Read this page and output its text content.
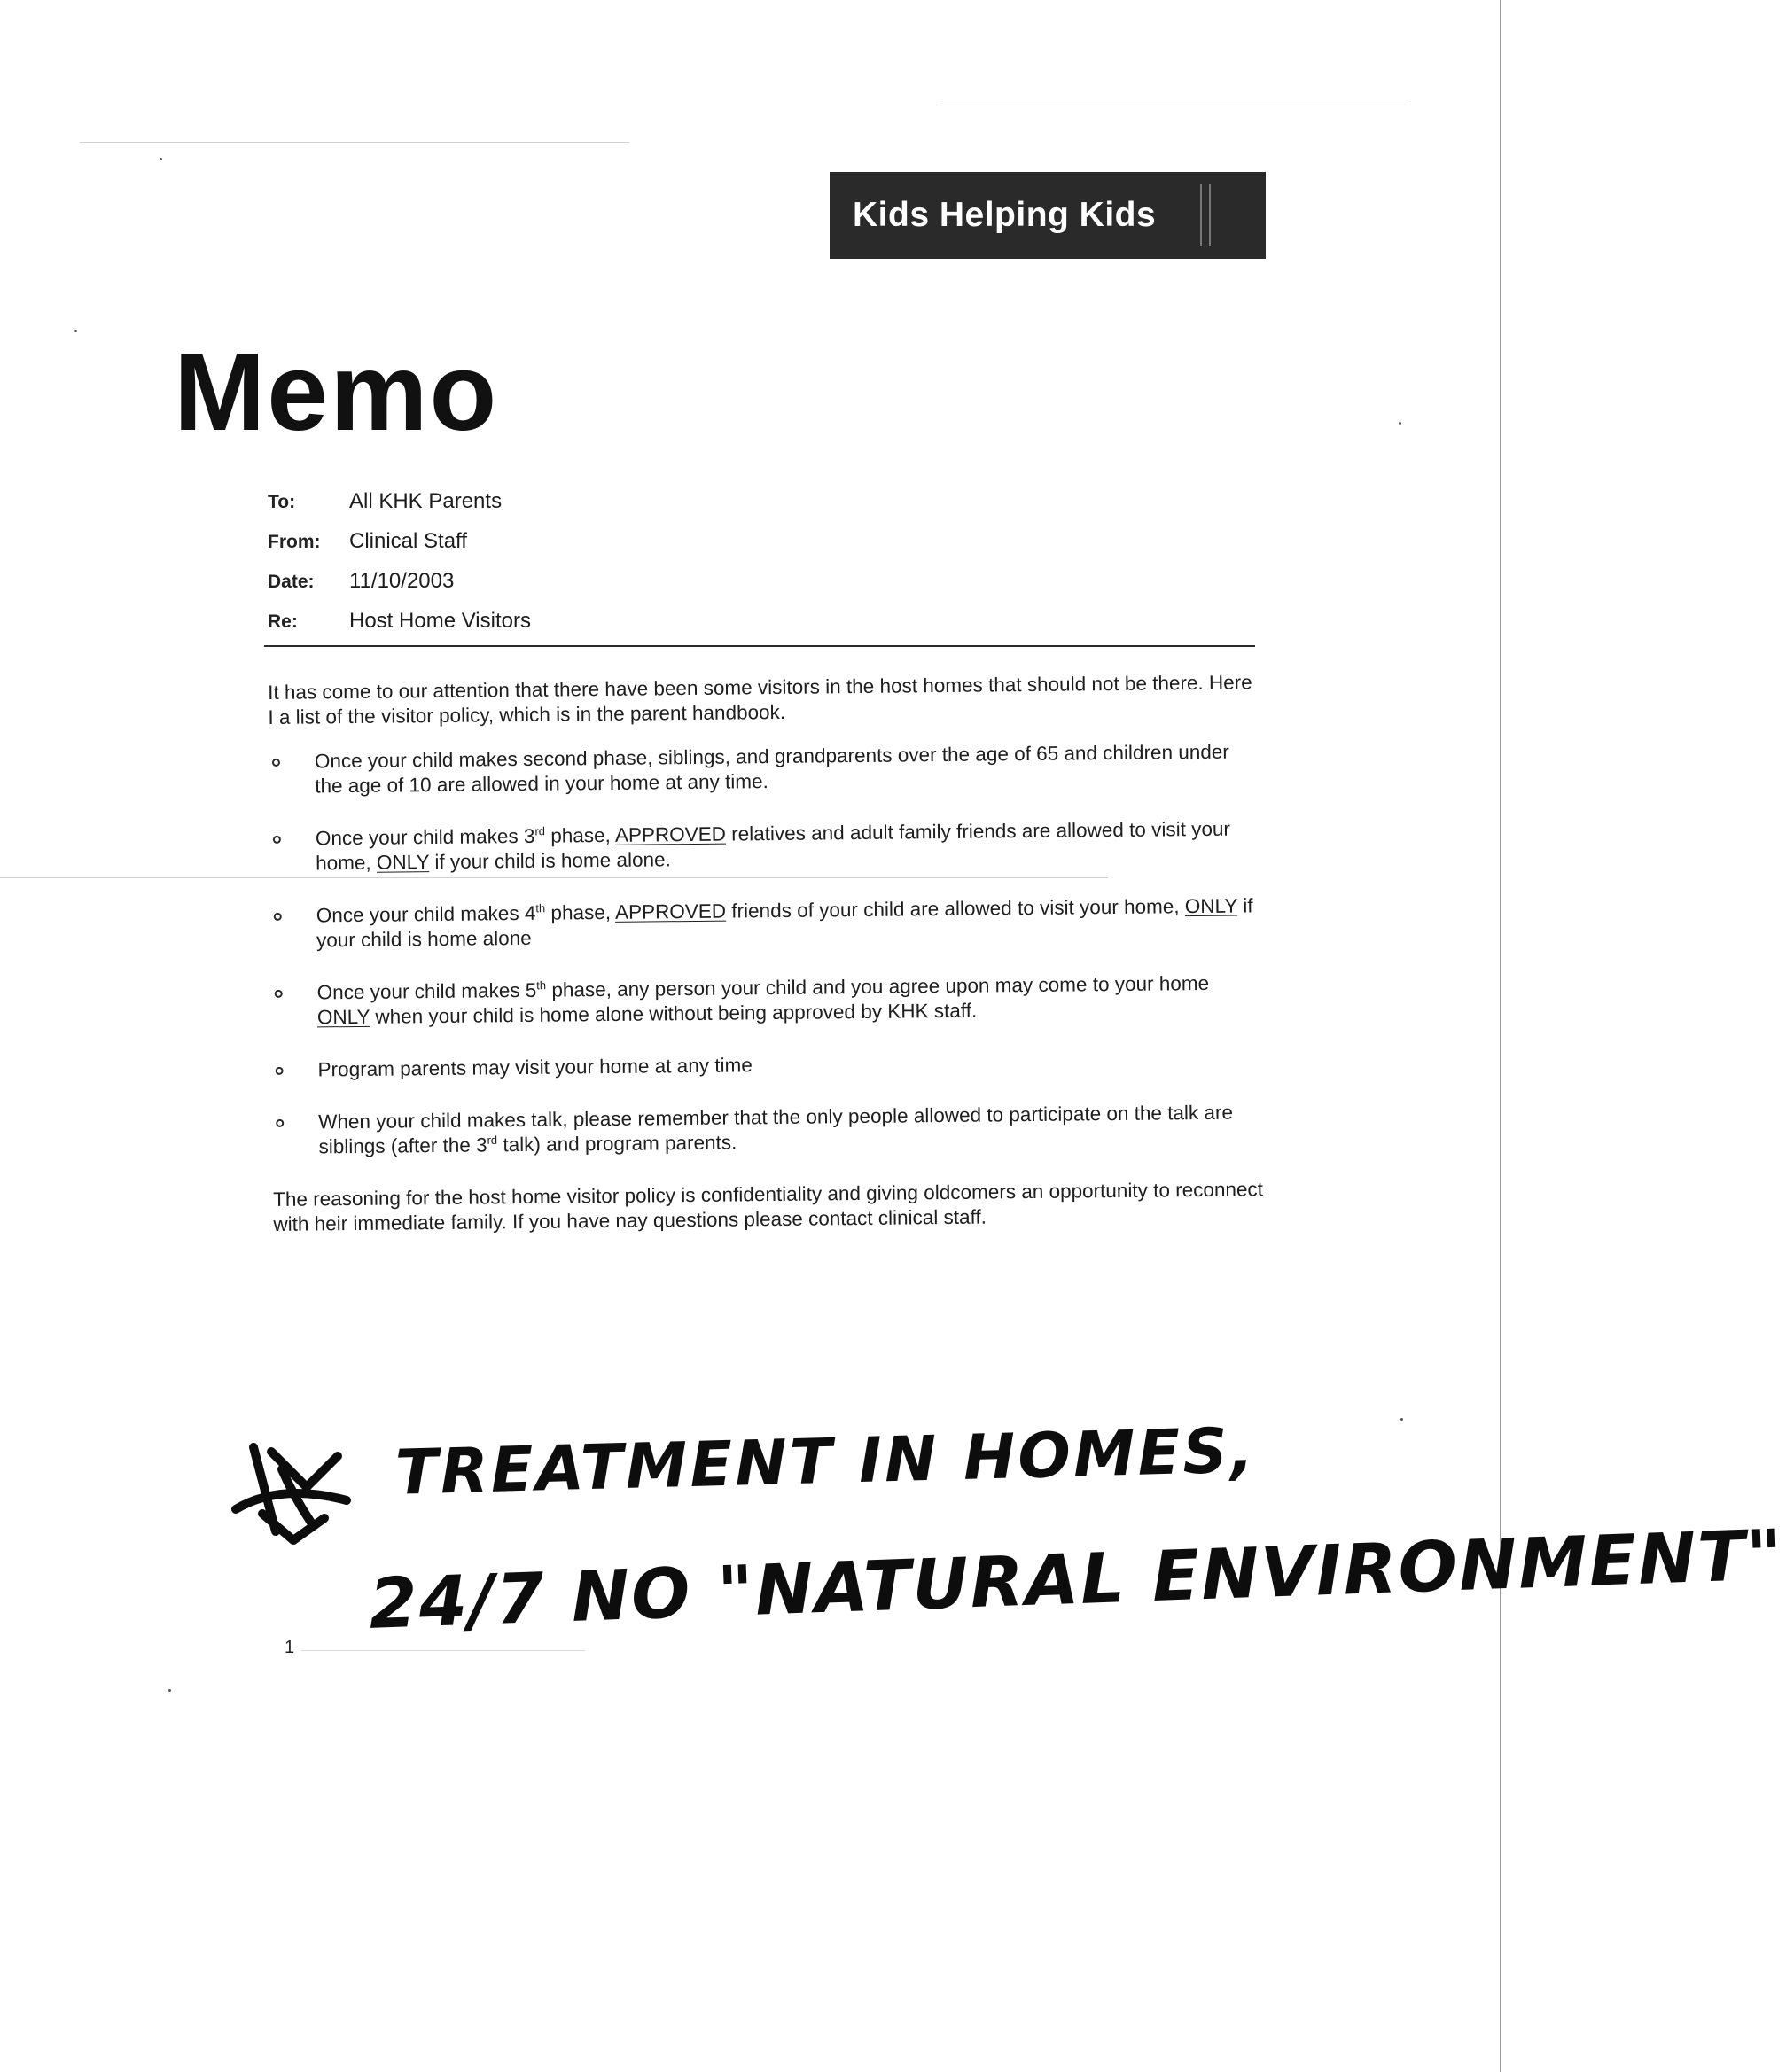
Kids Helping Kids
Memo
To:	All KHK Parents
From:	Clinical Staff
Date:	11/10/2003
Re:	Host Home Visitors

It has come to our attention that there have been some visitors in the host homes that should not be there. Here I a list of the visitor policy, which is in the parent handbook.

Once your child makes second phase, siblings, and grandparents over the age of 65 and children under the age of 10 are allowed in your home at any time.
Once your child makes 3rd phase, APPROVED relatives and adult family friends are allowed to visit your home, ONLY if your child is home alone.
Once your child makes 4th phase, APPROVED friends of your child are allowed to visit your home, ONLY if your child is home alone
Once your child makes 5th phase, any person your child and you agree upon may come to your home ONLY when your child is home alone without being approved by KHK staff.
Program parents may visit your home at any time
When your child makes talk, please remember that the only people allowed to participate on the talk are siblings (after the 3rd talk) and program parents.

The reasoning for the host home visitor policy is confidentiality and giving oldcomers an opportunity to reconnect with heir immediate family. If you have nay questions please contact clinical staff.

1
TREATMENT IN HOMES,
24/7 NO "NATURAL ENVIRONMENT"
